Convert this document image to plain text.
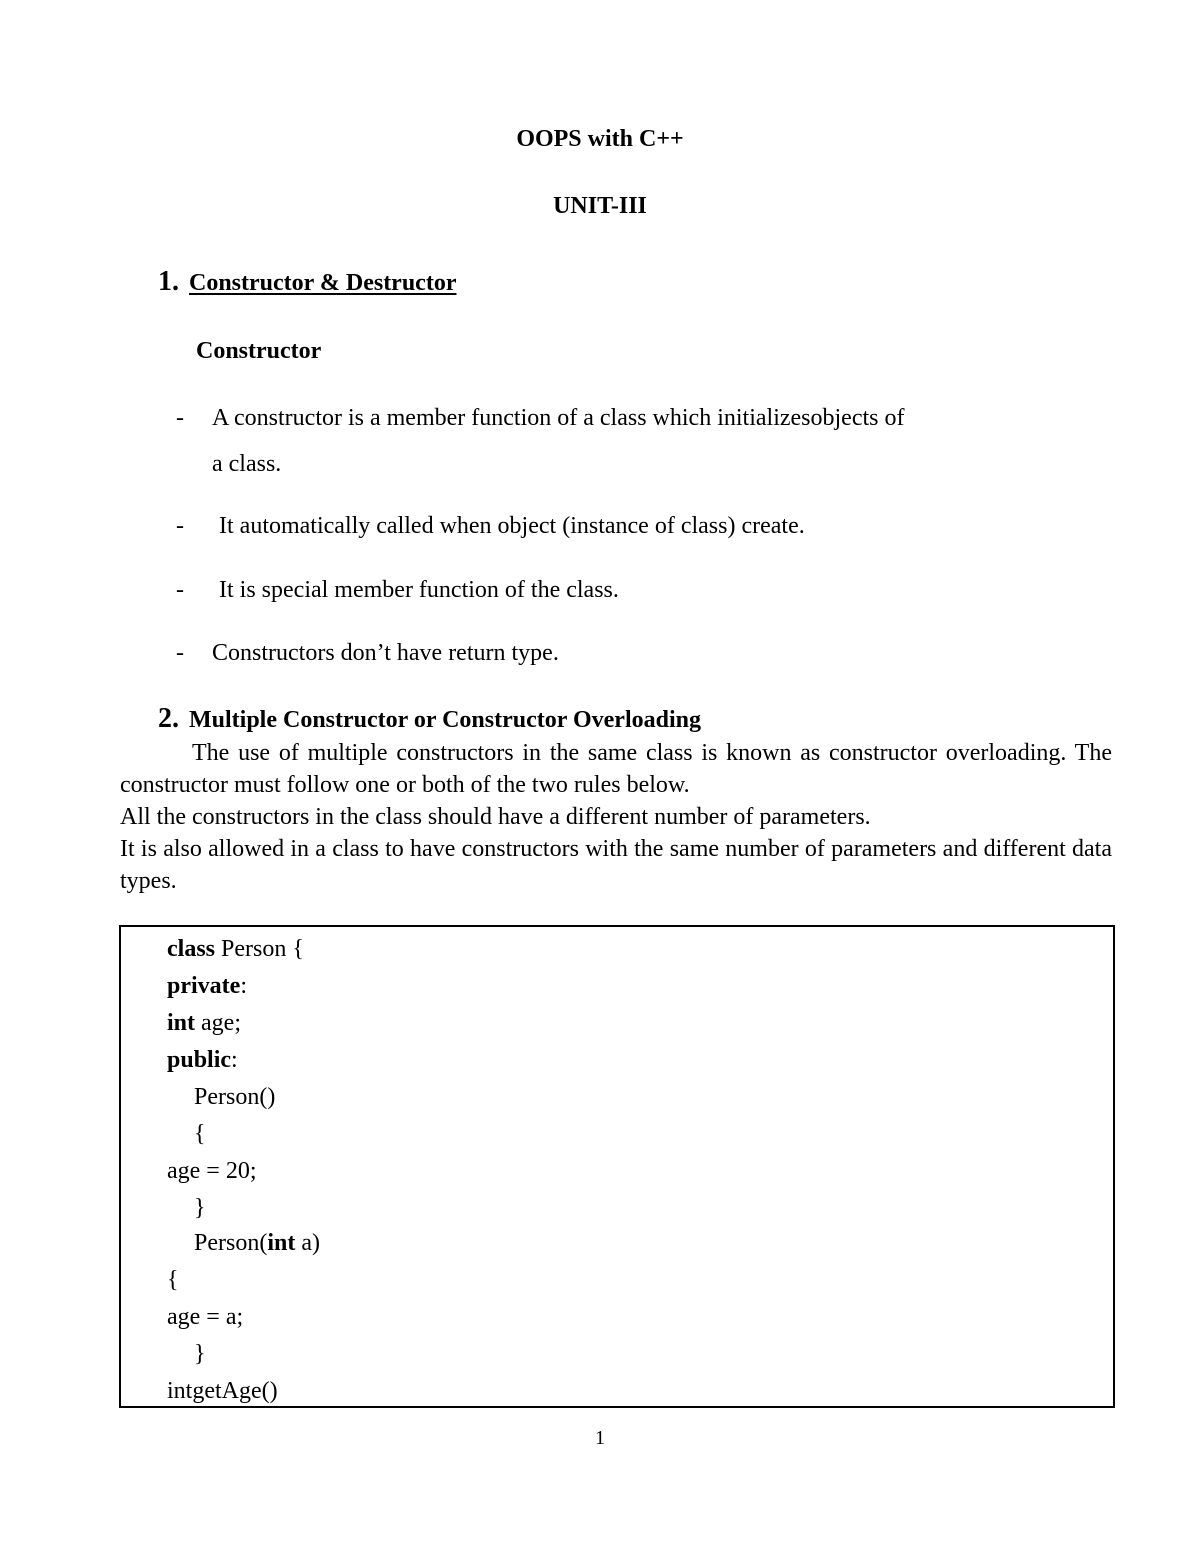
OOPS with C++
UNIT-III
1. Constructor & Destructor
Constructor
- A constructor is a member function of a class which initializesobjects of
a class.
- It automatically called when object (instance of class) create.
- It is special member function of the class.
- Constructors don’t have return type.
2. Multiple Constructor or Constructor Overloading
The use of multiple constructors in the same class is known as constructor overloading. The constructor must follow one or both of the two rules below.
All the constructors in the class should have a different number of parameters.
It is also allowed in a class to have constructors with the same number of parameters and different data types.
class Person {
private:
int age;
public:
Person()
{
age = 20;
}
Person(int a)
{
age = a;
}
intgetAge()
1
